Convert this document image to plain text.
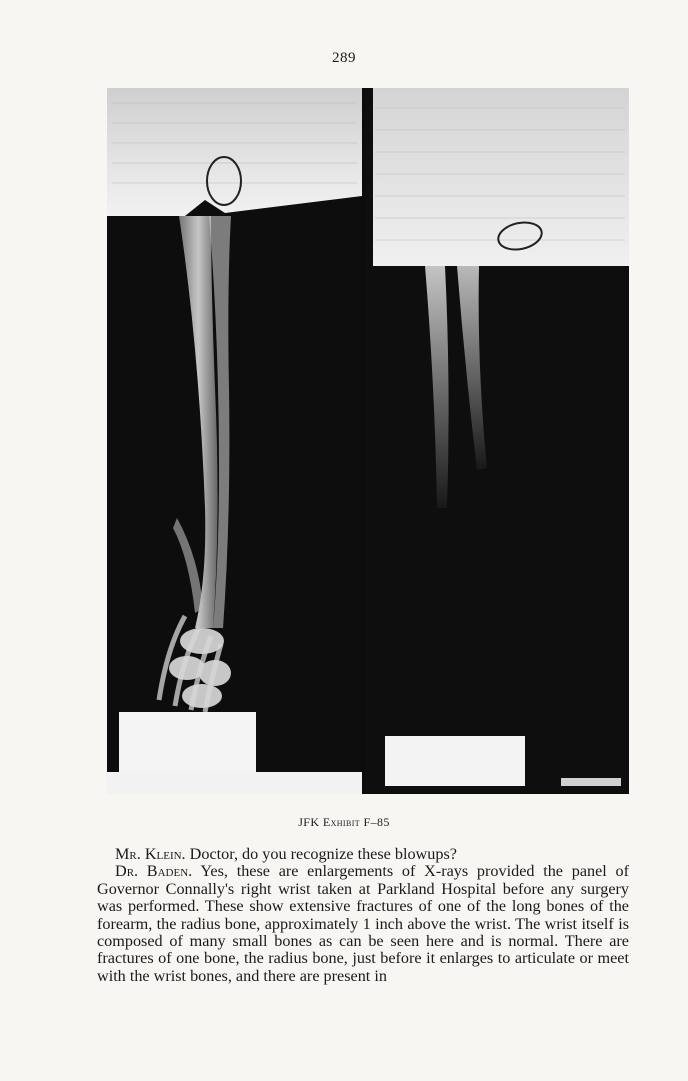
289
JFK Exhibit F–85

Mr. Klein. Doctor, do you recognize these blowups?

Dr. Baden. Yes, these are enlargements of X-rays provided the panel of Governor Connally's right wrist taken at Parkland Hospital before any surgery was performed. These show extensive fractures of one of the long bones of the forearm, the radius bone, approximately 1 inch above the wrist. The wrist itself is composed of many small bones as can be seen here and is normal. There are fractures of one bone, the radius bone, just before it enlarges to articulate or meet with the wrist bones, and there are present in
